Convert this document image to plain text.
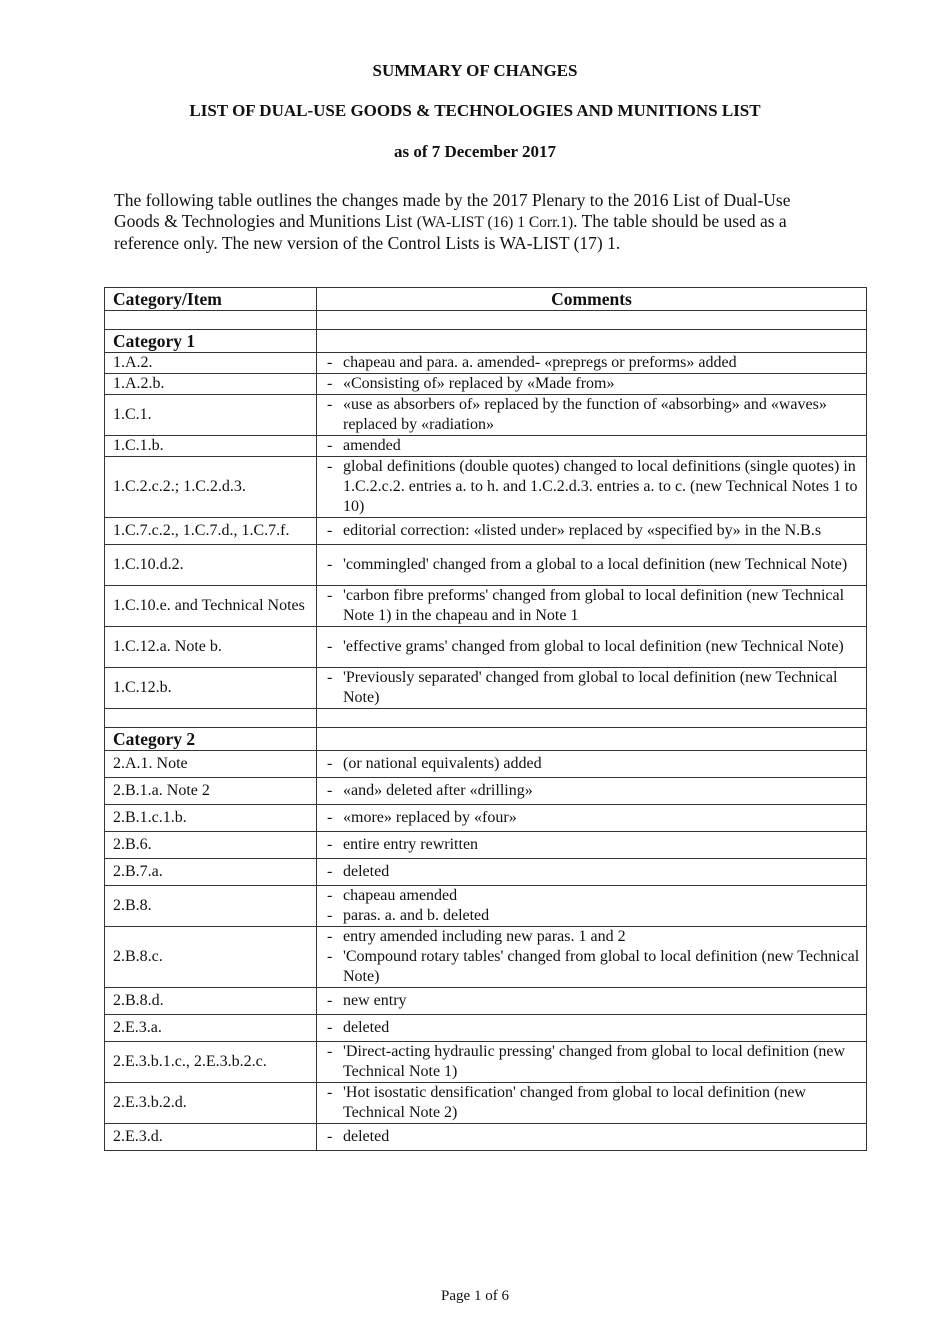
SUMMARY OF CHANGES
LIST OF DUAL-USE GOODS & TECHNOLOGIES AND MUNITIONS LIST
as of 7 December 2017
The following table outlines the changes made by the 2017 Plenary to the 2016 List of Dual-Use Goods & Technologies and Munitions List (WA-LIST (16) 1 Corr.1). The table should be used as a reference only. The new version of the Control Lists is WA-LIST (17) 1.
Category/Item	Comments

Category 1	
1.A.2.	- chapeau and para. a. amended- «prepregs or preforms» added

1.A.2.b.	- «Consisting of» replaced by «Made from»

1.C.1.	- «use as absorbers of» replaced by the function of «absorbing» and «waves» replaced by «radiation»

1.C.1.b.	- amended

1.C.2.c.2.; 1.C.2.d.3.	- global definitions (double quotes) changed to local definitions (single quotes) in 1.C.2.c.2. entries a. to h. and 1.C.2.d.3. entries a. to c. (new Technical Notes 1 to 10)

1.C.7.c.2., 1.C.7.d., 1.C.7.f.	- editorial correction: «listed under» replaced by «specified by» in the N.B.s

1.C.10.d.2.	- 'commingled' changed from a global to a local definition (new Technical Note)

1.C.10.e. and Technical Notes	- 'carbon fibre preforms' changed from global to local definition (new Technical Note 1) in the chapeau and in Note 1

1.C.12.a. Note b.	- 'effective grams' changed from global to local definition (new Technical Note)

1.C.12.b.	- 'Previously separated' changed from global to local definition (new Technical Note)

Category 2	
2.A.1. Note	- (or national equivalents) added

2.B.1.a. Note 2	- «and» deleted after «drilling»

2.B.1.c.1.b.	- «more» replaced by «four»

2.B.6.	- entire entry rewritten

2.B.7.a.	- deleted

2.B.8.	- chapeau amended
- paras. a. and b. deleted

2.B.8.c.	- entry amended including new paras. 1 and 2
- 'Compound rotary tables' changed from global to local definition (new Technical Note)

2.B.8.d.	- new entry

2.E.3.a.	- deleted

2.E.3.b.1.c., 2.E.3.b.2.c.	- 'Direct-acting hydraulic pressing' changed from global to local definition (new Technical Note 1)

2.E.3.b.2.d.	- 'Hot isostatic densification' changed from global to local definition (new Technical Note 2)

2.E.3.d.	- deleted
Page 1 of 6
